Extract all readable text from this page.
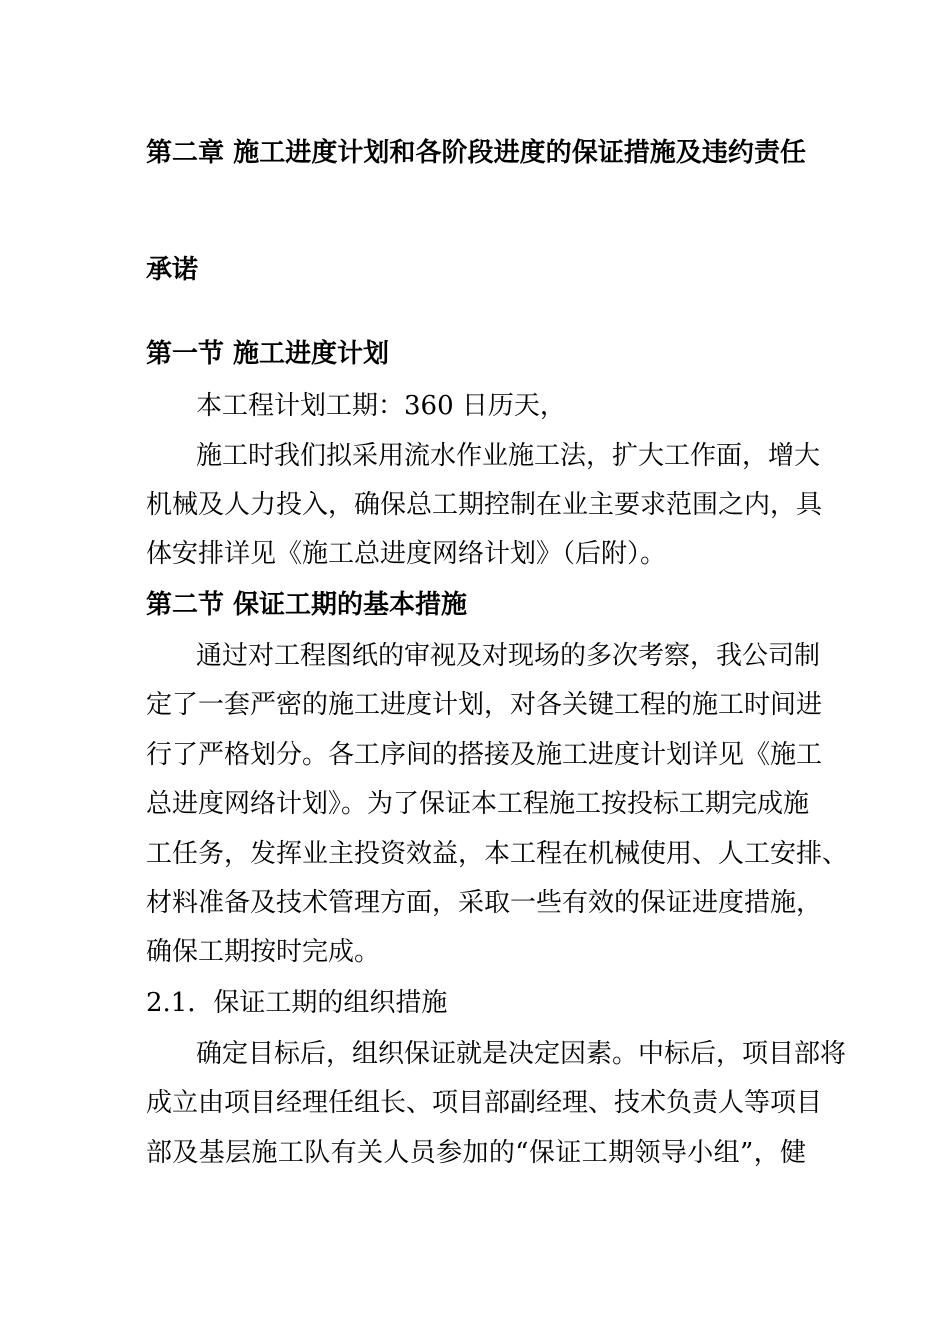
第二章 施工进度计划和各阶段进度的保证措施及违约责任
承诺
第一节 施工进度计划
本工程计划工期：360 日历天，
施工时我们拟采用流水作业施工法，扩大工作面，增大
机械及人力投入，确保总工期控制在业主要求范围之内，具
体安排详见《施工总进度网络计划》（后附）。
第二节 保证工期的基本措施
通过对工程图纸的审视及对现场的多次考察，我公司制
定了一套严密的施工进度计划，对各关键工程的施工时间进
行了严格划分。各工序间的搭接及施工进度计划详见《施工
总进度网络计划》。为了保证本工程施工按投标工期完成施
工任务，发挥业主投资效益，本工程在机械使用、人工安排、
材料准备及技术管理方面，采取一些有效的保证进度措施，
确保工期按时完成。
2.1．保证工期的组织措施
确定目标后，组织保证就是决定因素。中标后，项目部将
成立由项目经理任组长、项目部副经理、技术负责人等项目
部及基层施工队有关人员参加的“保证工期领导小组”，健
